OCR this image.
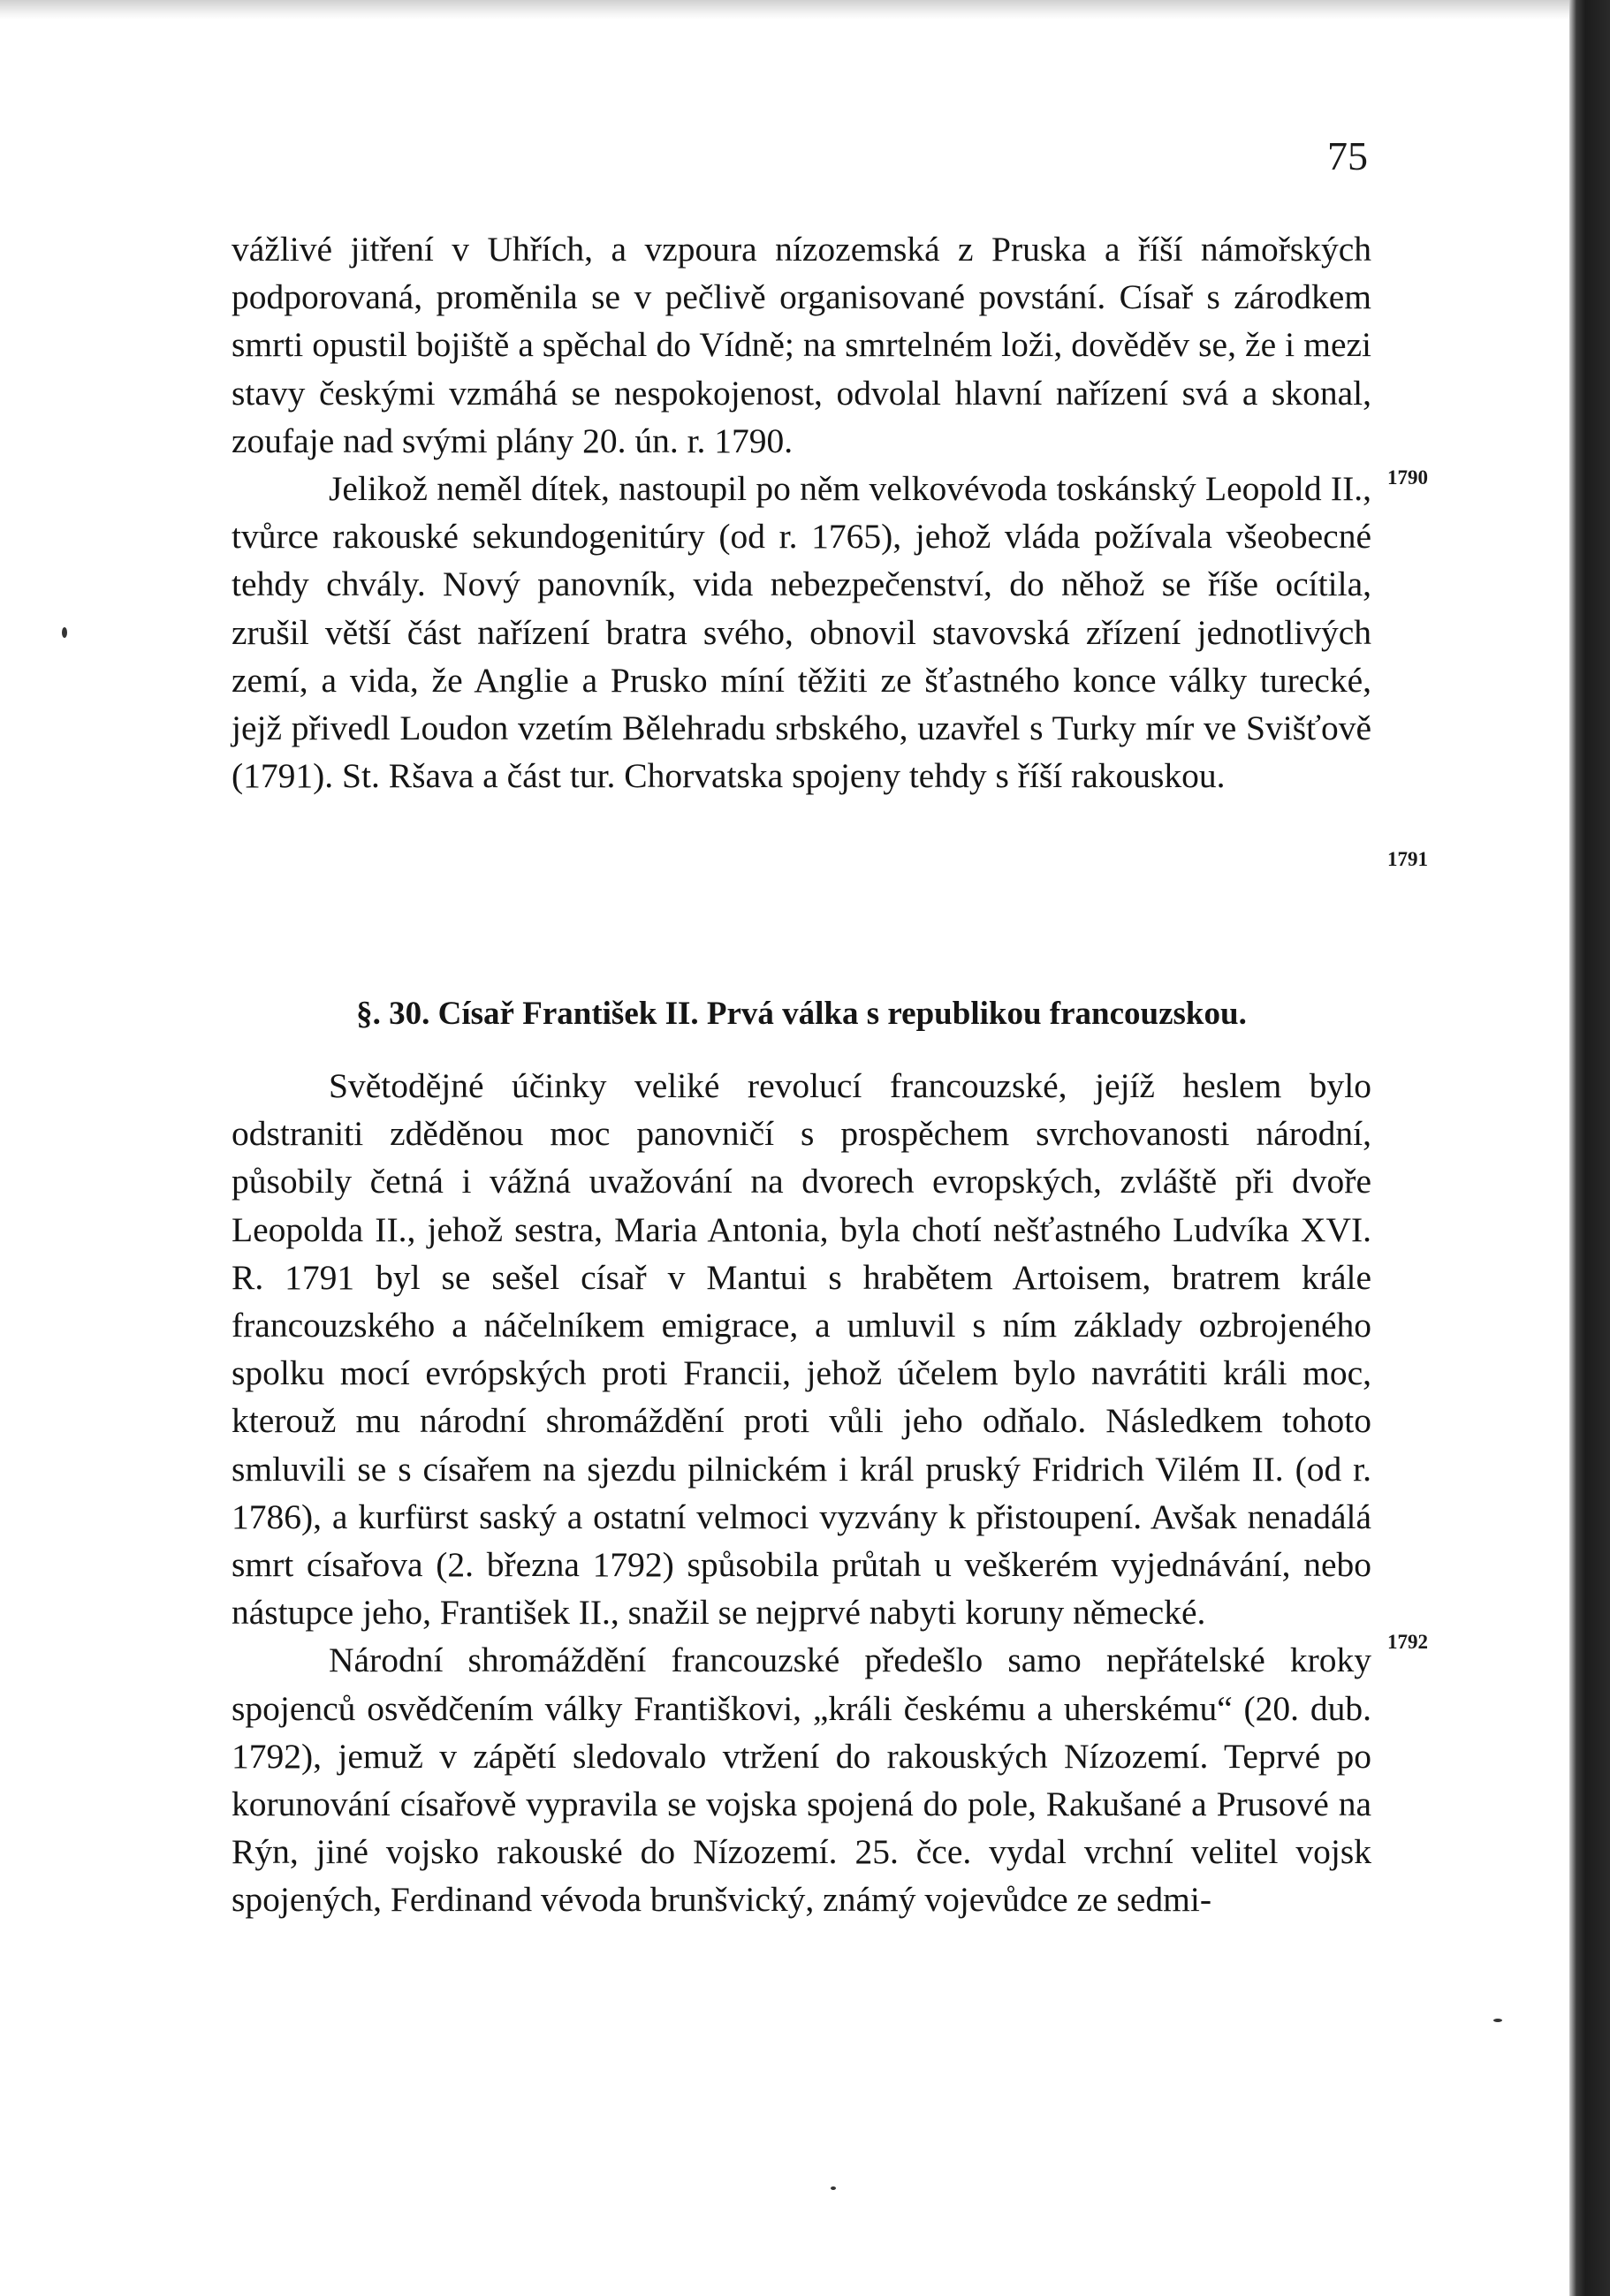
75

vážlivé jitření v Uhřích, a vzpoura nízozemská z Pruska a říší námořských podporovaná, proměnila se v pečlivě organisované povstání. Císař s zárodkem smrti opustil bojiště a spěchal do Vídně; na smrtelném loži, dověděv se, že i mezi stavy českými vzmáhá se nespokojenost, odvolal hlavní nařízení svá a skonal, zoufaje nad svými plány 20. ún. r. 1790.

Jelikož neměl dítek, nastoupil po něm velkovévoda toskánský Leopold II., tvůrce rakouské sekundogenitúry (od r. 1765), jehož vláda požívala všeobecné tehdy chvály. Nový panovník, vida nebezpečenství, do něhož se říše ocítila, zrušil větší část nařízení bratra svého, obnovil stavovská zřízení jednotlivých zemí, a vida, že Anglie a Prusko míní těžiti ze šťastného konce války turecké, jejž přivedl Loudon vzetím Bělehradu srbského, uzavřel s Turky mír ve Svišťově (1791). St. Ršava a část tur. Chorvatska spojeny tehdy s říší rakouskou.

1790
1791
§. 30. Císař František II. Prvá válka s republikou francouzskou.

Světodějné účinky veliké revolucí francouzské, jejíž heslem bylo odstraniti zděděnou moc panovničí s prospěchem svrchovanosti národní, působily četná i vážná uvažování na dvorech evropských, zvláště při dvoře Leopolda II., jehož sestra, Maria Antonia, byla chotí nešťastného Ludvíka XVI. R. 1791 byl se sešel císař v Mantui s hrabětem Artoisem, bratrem krále francouzského a náčelníkem emigrace, a umluvil s ním základy ozbrojeného spolku mocí evrópských proti Francii, jehož účelem bylo navrátiti králi moc, kterouž mu národní shromáždění proti vůli jeho odňalo. Následkem tohoto smluvili se s císařem na sjezdu pilnickém i král pruský Fridrich Vilém II. (od r. 1786), a kurfürst saský a ostatní velmoci vyzvány k přistoupení. Avšak nenadálá smrt císařova (2. března 1792) spůsobila průtah u veškerém vyjednávání, nebo nástupce jeho, František II., snažil se nejprvé nabyti koruny německé.

Národní shromáždění francouzské předešlo samo nepřátelské kroky spojenců osvědčením války Františkovi, „králi českému a uherskému“ (20. dub. 1792), jemuž v zápětí sledovalo vtržení do rakouských Nízozemí. Teprvé po korunování císařově vypravila se vojska spojená do pole, Rakušané a Prusové na Rýn, jiné vojsko rakouské do Nízozemí. 25. čce. vydal vrchní velitel vojsk spojených, Ferdinand vévoda brunšvický, známý vojevůdce ze sedmi-

1792
